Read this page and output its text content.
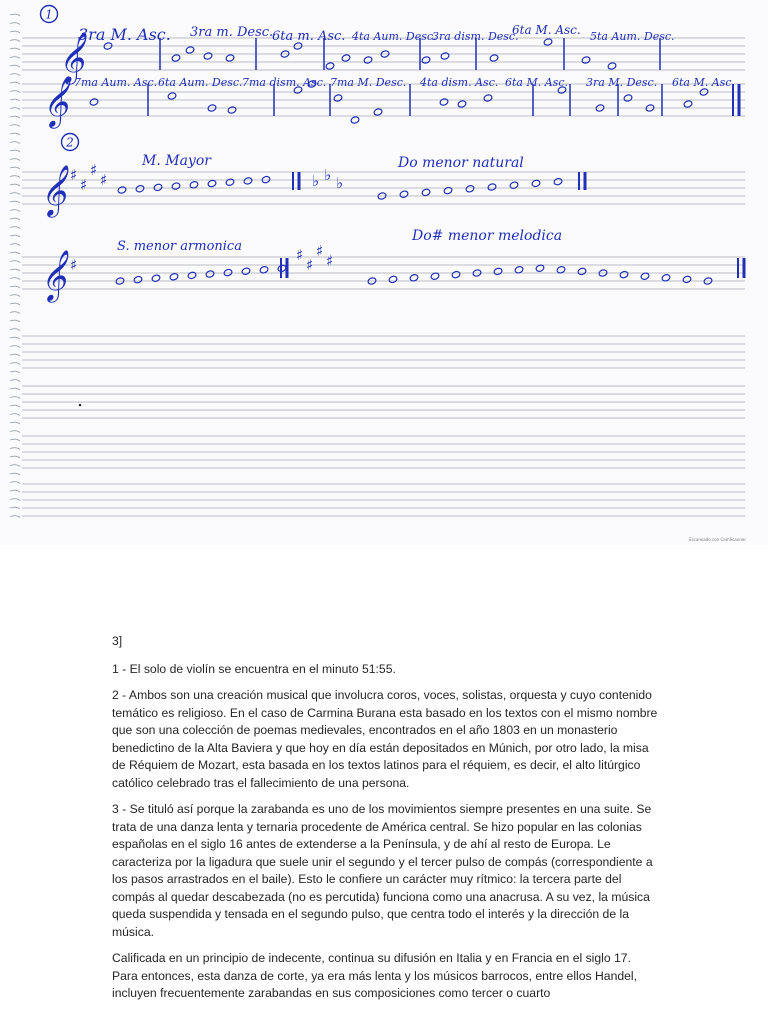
1
𝄞
𝄞
𝄞
𝄞
3ra M. Asc. 3ra m. Desc.
6ta m. Asc. 4ta Aum. Desc.
3ra dism. Desc.
6ta M. Asc. 5ta Aum. Desc.
7ma Aum. Asc. 6ta Aum. Desc. 7ma dism. Asc. 7ma M. Desc. 4ta dism. Asc. 6ta M. Asc. 3ra M. Desc. 6ta M. Asc.
2
M. Mayor	Do menor natural
S. menor armonica
Do# menor melodica
♯
♯
♯
♯	♭ ♭ ♭
♯
♯
♯
♯
♯
Escaneado con CamScanner

3]

1 - El solo de violín se encuentra en el minuto 51:55.

2 - Ambos son una creación musical que involucra coros, voces, solistas, orquesta y cuyo contenido temático es religioso. En el caso de Carmina Burana esta basado en los textos con el mismo nombre que son una colección de poemas medievales, encontrados en el año 1803 en un monasterio benedictino de la Alta Baviera y que hoy en día están depositados en Múnich, por otro lado, la misa de Réquiem de Mozart, esta basada en los textos latinos para el réquiem, es decir, el alto litúrgico católico celebrado tras el fallecimiento de una persona.

3 - Se tituló así porque la zarabanda es uno de los movimientos siempre presentes en una suite. Se trata de una danza lenta y ternaria procedente de América central. Se hizo popular en las colonias españolas en el siglo 16 antes de extenderse a la Península, y de ahí al resto de Europa. Le caracteriza por la ligadura que suele unir el segundo y el tercer pulso de compás (correspondiente a los pasos arrastrados en el baile). Esto le confiere un carácter muy rítmico: la tercera parte del compás al quedar descabezada (no es percutida) funciona como una anacrusa. A su vez, la música queda suspendida y tensada en el segundo pulso, que centra todo el interés y la dirección de la música.

Calificada en un principio de indecente, continua su difusión en Italia y en Francia en el siglo 17. Para entonces, esta danza de corte, ya era más lenta y los músicos barrocos, entre ellos Handel, incluyen frecuentemente zarabandas en sus composiciones como tercer o cuarto
